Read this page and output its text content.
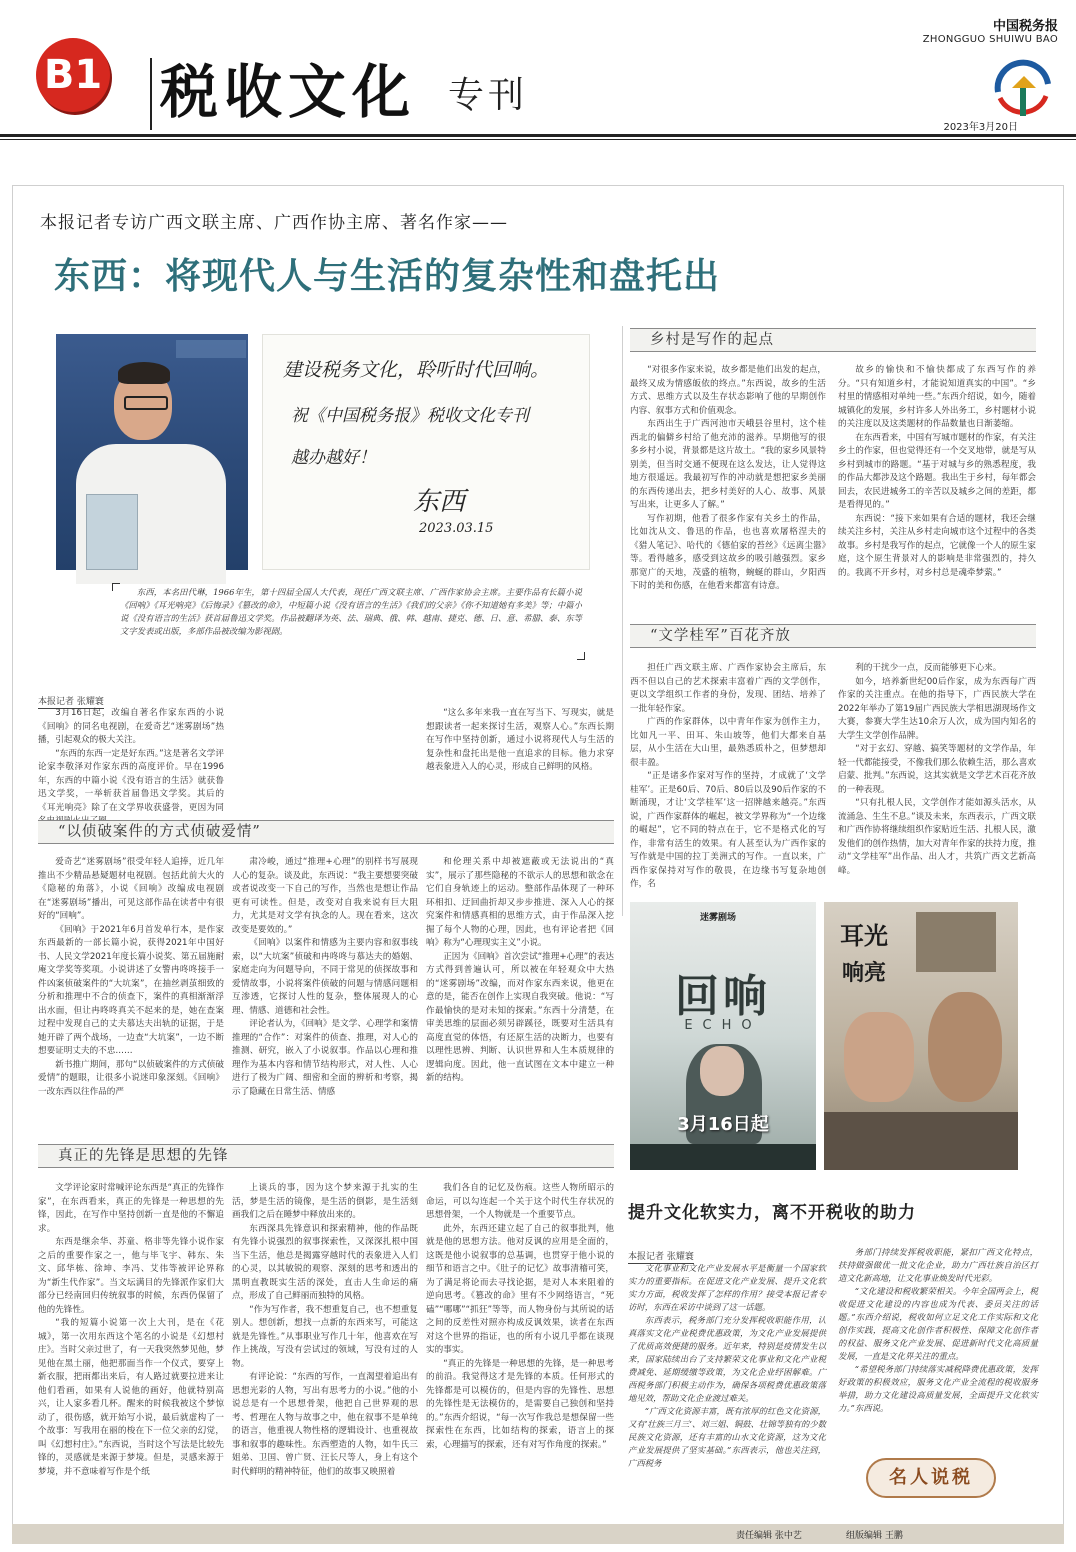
B1 税收文化 专刊
中国税务报
ZHONGGUO SHUIWU BAO
2023年3月20日
本报记者专访广西文联主席、广西作协主席、著名作家——
东西：将现代人与生活的复杂性和盘托出
建设税务文化，聆听时代回响。
祝《中国税务报》税收文化专刊
越办越好！
东西
2023.03.15
东西，本名田代琳，1966年生，第十四届全国人大代表，现任广西文联主席、广西作家协会主席。主要作品有长篇小说《回响》《耳光响亮》《后悔录》《篡改的命》，中短篇小说《没有语言的生活》《我们的父亲》《你不知道她有多美》等；中篇小说《没有语言的生活》获首届鲁迅文学奖。作品被翻译为英、法、瑞典、俄、韩、越南、捷克、德、日、意、希腊、泰、东等文字发表或出版，多部作品被改编为影视剧。
本报记者 张耀寰

3月16日起，改编自著名作家东西的小说《回响》的同名电视剧，在爱奇艺“迷雾剧场”热播，引起观众的极大关注。

“东西的东西一定是好东西。”这是著名文学评论家李敬泽对作家东西的高度评价。早在1996年，东西的中篇小说《没有语言的生活》就获鲁迅文学奖，一举斩获首届鲁迅文学奖。其后的《耳光响亮》除了在文学界收获盛誉，更因为同

“这么多年来我一直在写当下、写现实，就是想跟读者一起来探讨生活，观察人心。”东西长期在写作中坚持创新，通过小说将现代人与生活的复杂性和盘托出是他一直追求的目标。他力求穿越表象进入人的心灵，形成自己鲜明的风格。

“以侦破案件的方式侦破爱情”

爱奇艺“迷雾剧场”很受年轻人追捧，近几年推出不少精品悬疑题材电视剧。包括此前大火的《隐秘的角落》，小说《回响》改编成电视剧在“迷雾剧场”播出，可见这部作品在读者中有很好的“回响”。

《回响》于2021年6月首发单行本，是作家东西最新的一部长篇小说，获得2021年中国好书、人民文学2021年度长篇小说奖、第五届施耐庵文学奖等奖项。小说讲述了女警冉咚咚接手一件凶案侦破案件的“大坑案”，在抽丝剥茧细致的分析和推理中不合的侦查下，案件的真相渐渐浮出水面，但让冉咚咚真关不起来的是，她在查案过程中发现自己的丈夫慕达夫出轨的证据，于是她开辟了两个战场，一边查“大坑案”，一边不断想要证明丈夫的不忠……

新书推广期间，那句“以侦破案件的方式侦破爱情”的题眼，让很多小说迷印象深刻。《回响》一改东西以往作品的严

肃冷峻，通过“推理+心理”的别样书写展现人心的复杂。谈及此，东西说：“我主要想要突破或者说改变一下自己的写作，当然也是想让作品更有可读性。但是，改变对自我来说有巨大阻力，尤其是对文学有执念的人。现在看来，这次改变是要效的。”

《回响》以案件和情感为主要内容和叙事线索，以“大坑案”侦破和冉咚咚与慕达夫的婚姻、家庭走向为问题导向，不同于常见的侦探故事和爱情故事，小说将案件侦破的问题与情感问题相互渗透，它探讨人性的复杂，整体展现人的心理、情感、道德和社会性。

评论者认为，《回响》是文学、心理学和案情推理的“合作”：对案件的侦查、推理，对人心的推测、研究，嵌入了小说叙事。作品以心理和推理作为基本内容和情节结构形式，对人性、人心进行了极为广阔、细密和全面的辨析和考察，揭示了隐藏在日常生活、情感

和伦理关系中却被遮蔽或无法说出的“真实”，展示了那些隐秘的不欲示人的思想和欲念在它们自身轨迹上的运动。整部作品体现了一种环环相扣、迂回曲折却又步步推进、深入人心的探究案件和情感真相的思维方式，由于作品深入挖掘了每个人物的心理，因此，也有评论者把《回响》称为“心理现实主义”小说。

正因为《回响》首次尝试“推理+心理”的表达方式得到普遍认可，所以被在年轻观众中大热的“迷雾剧场”改编，而对作家东西来说，他更在意的是，能否在创作上实现自我突破。他说：“写作最愉快的是对未知的探索。”东西十分清楚，在审美思维的层面必须另辟蹊径，既要对生活具有高度直觉的体悟，有还原生活的决断力，也要有以理性思辨、判断、认识世界和人生本质规律的逻辑向度。因此，他一直试图在文本中建立一种新的结构。

真正的先锋是思想的先锋

文学评论家时常喊评论东西是“真正的先锋作家”，在东西看来，真正的先锋是一种思想的先锋，因此，在写作中坚持创新一直是他的不懈追求。

东西是继余华、苏童、格非等先锋小说作家之后的重要作家之一，他与毕飞宇、韩东、朱文、邱华栋、徐坤、李冯、艾伟等被评论界称为“新生代作家”。当文坛满目的先锋派作家们大部分已经南回归传统叙事的时候，东西仍保留了他的先锋性。

“我的短篇小说第一次上大刊，是在《花城》，第一次用东西这个笔名的小说是《幻想村庄》。当时父亲过世了，有一天我突然梦见他，梦见他在黑土丽，他把那面当作一个仪式，要穿上新衣服，把雨都出来后，有人路过就要拉进来让他们看画，如果有人说他的画好，他就特别高兴，让人家多看几杯。醒来的时候我被这个梦惊动了，很伤感，就开始写小说，最后就虚构了一个故事：写我用在丽的梭在下一位父亲的幻觉，叫《幻想村庄》。”东西说，当时这个写法是比较先锋的，灵感就是来源于梦境。但是，灵感来源于梦境，并不意味着写作是个纸

上谈兵的事，因为这个梦来源于扎实的生活，梦是生活的镜像，是生活的倒影，是生活刻画我们之后在睡梦中释放出来的。

东西深具先锋意识和探索精神，他的作品既有先锋小说强烈的叙事探索性，又深深扎根中国当下生活，他总是揭露穿越时代的表象进入人们的心灵，以其敏锐的观察、深刻的思考和透出的黑明直教既实生活的深处，直击人生命运的痛点，形成了自己鲜丽而独特的风格。

“作为写作者，我不想重复自己，也不想重复别人。想创新，想找一点新的东西来写，可能这就是先锋性。”从事职业写作几十年，他喜欢在写作上挑战，写没有尝试过的领域，写没有过的人物。

有评论说：“东西的写作，一直渴望着追出有思想光彩的人物，写出有思考力的小说。”他的小说总是有一个思想骨架，他把自己世界观的思考、哲理在人物与故事之中，他在叙事不是单纯的语言，他重视人物性格的逻辑设计、也重视故事和叙事的趣味性。东西塑造的人物，如牛氏三姐弟、卫国、曾广贤、汪长尺等人，身上有这个时代鲜明的精神特征，他们的故事又映照着

我们各自的记忆及伤痕。这些人物所昭示的命运，可以勾连起一个关于这个时代生存状况的思想骨架，一个人物就是一个重要节点。

此外，东西还建立起了自己的叙事批判，他就是他的思想方法。他对反讽的应用是全面的，这既是他小说叙事的总基调，也贯穿于他小说的细节和语言之中。《肚子的记忆》故事清稽可笑，为了满足将论而去寻找论据，是对人本来阻着的逆向思考。《篡改的命》里有不少网络语言，“死磕”“哪哪”“抓狂”等等，而人物身份与其所说的话之间的反差性对照亦构成反讽效果，读者在东西对这个世界的指证，也的所有小说几乎都在谈现实的事实。

“真正的先锋是一种思想的先锋，是一种思考的前沿。我觉得这才是先锋的本质。任何形式的先锋都是可以模仿的，但是内容的先锋性、思想的先锋性是无法模仿的，是需要自己独创和坚持的。”东西介绍说，“每一次写作我总是想保留一些探索性在东西，比如结构的探索，语言上的探索，心理描写的探索，还有对写作角度的探索。”

乡村是写作的起点

“对很多作家来说，故乡都是他们出发的起点，最终又成为情感皈依的终点。”东西说，故乡的生活方式、思维方式以及生存状态影响了他的早期创作内容、叙事方式和价值观念。

东西出生于广西河池市天峨县谷里村，这个桂西北的偏僻乡村给了他充沛的滋养。早期他写的很多乡村小说，背景都是这片故土。“我的家乡风景特别美，但当时交通不便现在这么发达，让人觉得这地方很遥远。我最初写作的冲动就是想把家乡美丽的东西传递出去，把乡村美好的人心、故事、风景写出来，让更多人了解。”

写作初期，他看了很多作家有关乡土的作品，比如沈从文、鲁迅的作品，也也喜欢屠格涅夫的《猎人笔记》、哈代的《德伯家的苔丝》《远离尘嚣》等。看得越多，感受到这故乡的吸引越强烈。家乡那宽广的天地，茂盛的植物，蜿蜒的群山，夕阳西下时的美和伤感，在他看来都富有诗意。

故乡的愉快和不愉快都成了东西写作的养分。“只有知道乡村，才能说知道真实的中国”。“乡村里的情感相对单纯一些。”东西介绍说，如今，随着城镇化的发展，乡村许多人外出务工，乡村题材小说的关注度以及这类题材的作品数量也日渐萎缩。

在东西看来，中国有写城市题材的作家，有关注乡土的作家，但也觉得还有一个交叉地带，就是写从乡村到城市的路题。“基于对城与乡的熟悉程度，我的作品大都涉及这个路题。我出生于乡村，每年都会回去，农民进城务工的辛苦以及城乡之间的差距，都是看得见的。”

东西说：“接下来如果有合适的题材，我还会继续关注乡村，关注从乡村走向城市这个过程中的各类故事。乡村是我写作的起点，它就像一个人的原生家庭，这个原生背景对人的影响是非常强烈的，持久的。我离不开乡村，对乡村总是魂牵梦萦。”

“文学桂军”百花齐放

担任广西文联主席、广西作家协会主席后，东西不但以自己的艺术探索丰富着广西的文学创作，更以文学组织工作者的身份，发现、团结、培养了一批年轻作家。

广西的作家群体，以中青年作家为创作主力，比如凡一平、田耳、朱山坡等，他们大都来自基层，从小生活在大山里，最熟悉质朴之，但梦想却很丰盈。

“正是诸多作家对写作的坚持，才成就了‘文学桂军’。正是60后、70后、80后以及90后作家的不断涌现，才让‘文学桂军’这一招牌越来越亮。”东西说，广西作家群体的崛起，被文学界称为“一个边缘的崛起”，它不同的特点在于，它不是格式化的写作，非常有活生的效果。有人甚至认为广西作家的写作就是中国的拉丁美洲式的写作。一直以来，广西作家保持对写作的敬畏，在边缘书写复杂地创作，名

利的干扰少一点，反而能够更下心来。

如今，培养新世纪00后作家，成为东西每广西作家的关注重点。在他的指导下，广西民族大学在2022年举办了第19届广西民族大学相思湖现场作文大赛，参赛大学生达10余万人次，成为国内知名的大学生文学创作品牌。

“对于玄幻、穿越、搞笑等题材的文学作品，年轻一代都能接受，不像我们那么依赖生活，那么喜欢启蒙、批判。”东西说，这其实就是文学艺术百花齐放的一种表现。

“只有扎根人民，文学创作才能如源头活水，从流涌急、生生不息。”谈及未来，东西表示，广西文联和广西作协将继续组织作家贴近生活、扎根人民，激发他们的创作热情，加大对青年作家的扶持力度，推动“文学桂军”出作品、出人才，共筑广西文艺新高峰。

迷雾剧场
回响
ECHO
3月16日起
耳光
响亮
提升文化软实力，离不开税收的助力
本报记者 张耀寰

文化事业和文化产业发展水平是衡量一个国家软实力的重要指标。在促进文化产业发展、提升文化软实力方面，税收发挥了怎样的作用？接受本报记者专访时，东西在采访中谈到了这一话题。

东西表示，税务部门充分发挥税收职能作用，认真落实文化产业税费优惠政策，为文化产业发展提供了优质高效便捷的服务。近年来，特别是疫情发生以来，国家陆续出台了支持繁荣文化事业和文化产业税费减免、延期缓缴等政策，为文化企业纾困解难。广西税务部门积极主动作为，确保各项税费优惠政策落地见效，帮助文化企业渡过难关。

“广西文化资源丰富，既有浓厚的红色文化资源，又有‘壮族三月三’、刘三姐、铜鼓、壮锦等独有的少数民族文化资源，还有丰富的山水文化资源，这为文化产业发展提供了坚实基础。”东西表示，他也关注到，广西税务

务部门持续发挥税收职能，紧扣广西文化特点，扶持做强做优一批文化企业，助力广西壮族自治区打造文化新高地，让文化事业焕发时代光彩。

“文化建设和税收繁荣相关。今年全国两会上，税收促进文化建设的内容也成为代表、委员关注的话题。”东西介绍说，税收如何立足文化工作实际和文化创作实践，提高文化创作者积极性、保障文化创作者的权益、服务文化产业发展、促进新时代文化高质量发展，一直是文化界关注的重点。

“希望税务部门持续落实减税降费优惠政策，发挥好政策的积极效应，服务文化产业全流程的税收服务举措，助力文化建设高质量发展，全面提升文化软实力。”东西说。

名人说税
责任编辑 张中艺	组版编辑 王鹏
